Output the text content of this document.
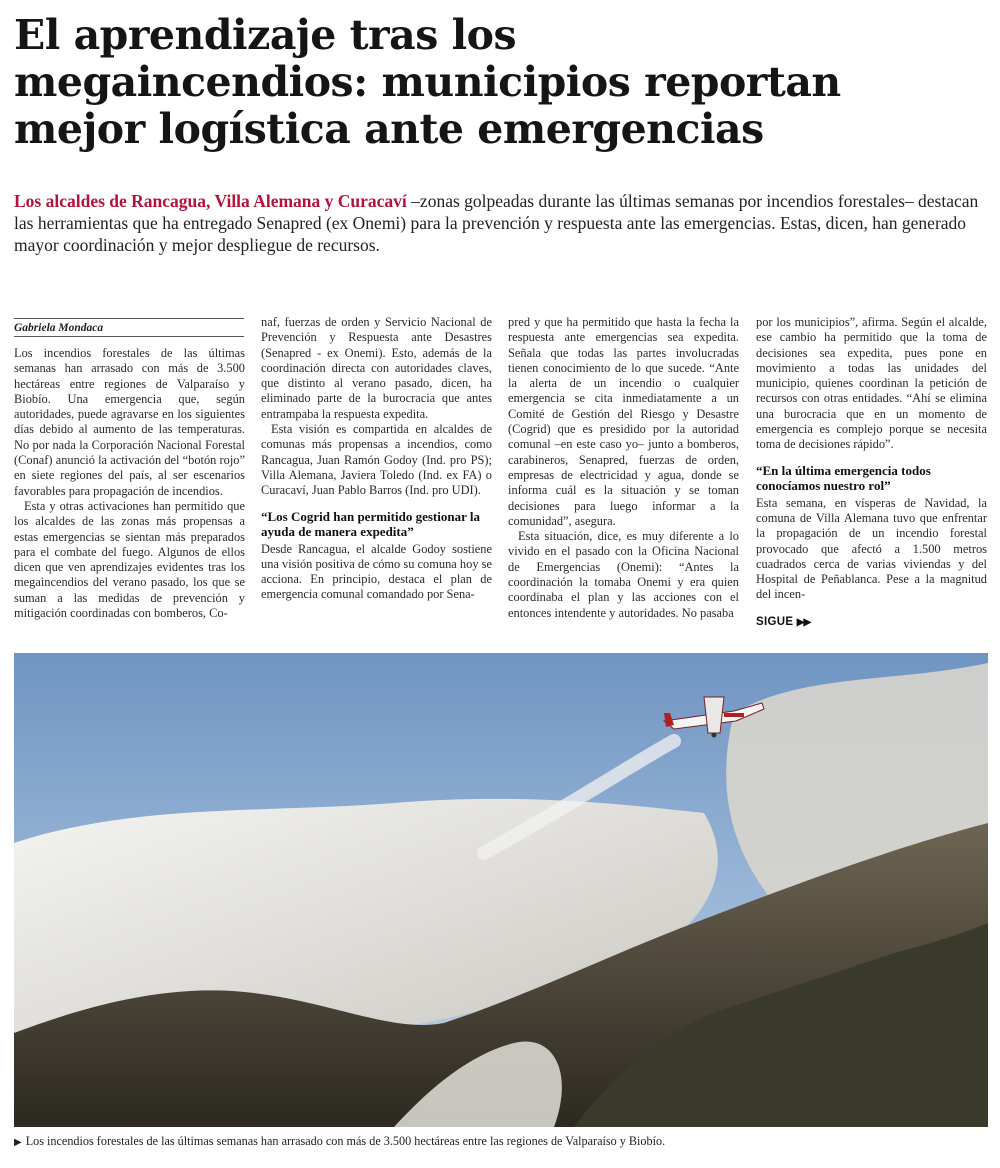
El aprendizaje tras los
megaincendios: municipios reportan
mejor logística ante emergencias

Los alcaldes de Rancagua, Villa Alemana y Curacaví –zonas golpeadas durante las últimas semanas por incendios forestales– destacan las herramientas que ha entregado Senapred (ex Onemi) para la prevención y respuesta ante las emergencias. Estas, dicen, han generado mayor coordinación y mejor despliegue de recursos.

Gabriela Mondaca

Los incendios forestales de las últimas semanas han arrasado con más de 3.500 hectáreas entre regiones de Valparaíso y Biobío. Una emergencia que, según autoridades, puede agravarse en los siguientes días debido al aumento de las temperaturas. No por nada la Corporación Nacional Forestal (Conaf) anunció la activación del “botón rojo” en siete regiones del país, al ser escenarios favorables para propagación de incendios.

Esta y otras activaciones han permitido que los alcaldes de las zonas más propensas a estas emergencias se sientan más preparados para el combate del fuego. Algunos de ellos dicen que ven aprendizajes evidentes tras los megaincendios del verano pasado, los que se suman a las medidas de prevención y mitigación coordinadas con bomberos, Co-

naf, fuerzas de orden y Servicio Nacional de Prevención y Respuesta ante Desastres (Senapred - ex Onemi). Esto, además de la coordinación directa con autoridades claves, que distinto al verano pasado, dicen, ha eliminado parte de la burocracia que antes entrampaba la respuesta expedita.

Esta visión es compartida en alcaldes de comunas más propensas a incendios, como Rancagua, Juan Ramón Godoy (Ind. pro PS); Villa Alemana, Javiera Toledo (Ind. ex FA) o Curacaví, Juan Pablo Barros (Ind. pro UDI).

“Los Cogrid han permitido gestionar la ayuda de manera expedita”

Desde Rancagua, el alcalde Godoy sostiene una visión positiva de cómo su comuna hoy se acciona. En principio, destaca el plan de emergencia comunal comandado por Sena-

pred y que ha permitido que hasta la fecha la respuesta ante emergencias sea expedita. Señala que todas las partes involucradas tienen conocimiento de lo que sucede. “Ante la alerta de un incendio o cualquier emergencia se cita inmediatamente a un Comité de Gestión del Riesgo y Desastre (Cogrid) que es presidido por la autoridad comunal –en este caso yo– junto a bomberos, carabineros, Senapred, fuerzas de orden, empresas de electricidad y agua, donde se informa cuál es la situación y se toman decisiones para luego informar a la comunidad”, asegura.

Esta situación, dice, es muy diferente a lo vivido en el pasado con la Oficina Nacional de Emergencias (Onemi): “Antes la coordinación la tomaba Onemi y era quien coordinaba el plan y las acciones con el entonces intendente y autoridades. No pasaba

por los municipios”, afirma. Según el alcalde, ese cambio ha permitido que la toma de decisiones sea expedita, pues pone en movimiento a todas las unidades del municipio, quienes coordinan la petición de recursos con otras entidades. “Ahí se elimina una burocracia que en un momento de emergencia es complejo porque se necesita toma de decisiones rápido”.

“En la última emergencia todos conocíamos nuestro rol”

Esta semana, en vísperas de Navidad, la comuna de Villa Alemana tuvo que enfrentar la propagación de un incendio forestal provocado que afectó a 1.500 metros cuadrados cerca de varias viviendas y del Hospital de Peñablanca. Pese a la magnitud del incen-

SIGUE ▶▶
▶ Los incendios forestales de las últimas semanas han arrasado con más de 3.500 hectáreas entre las regiones de Valparaíso y Biobío.
